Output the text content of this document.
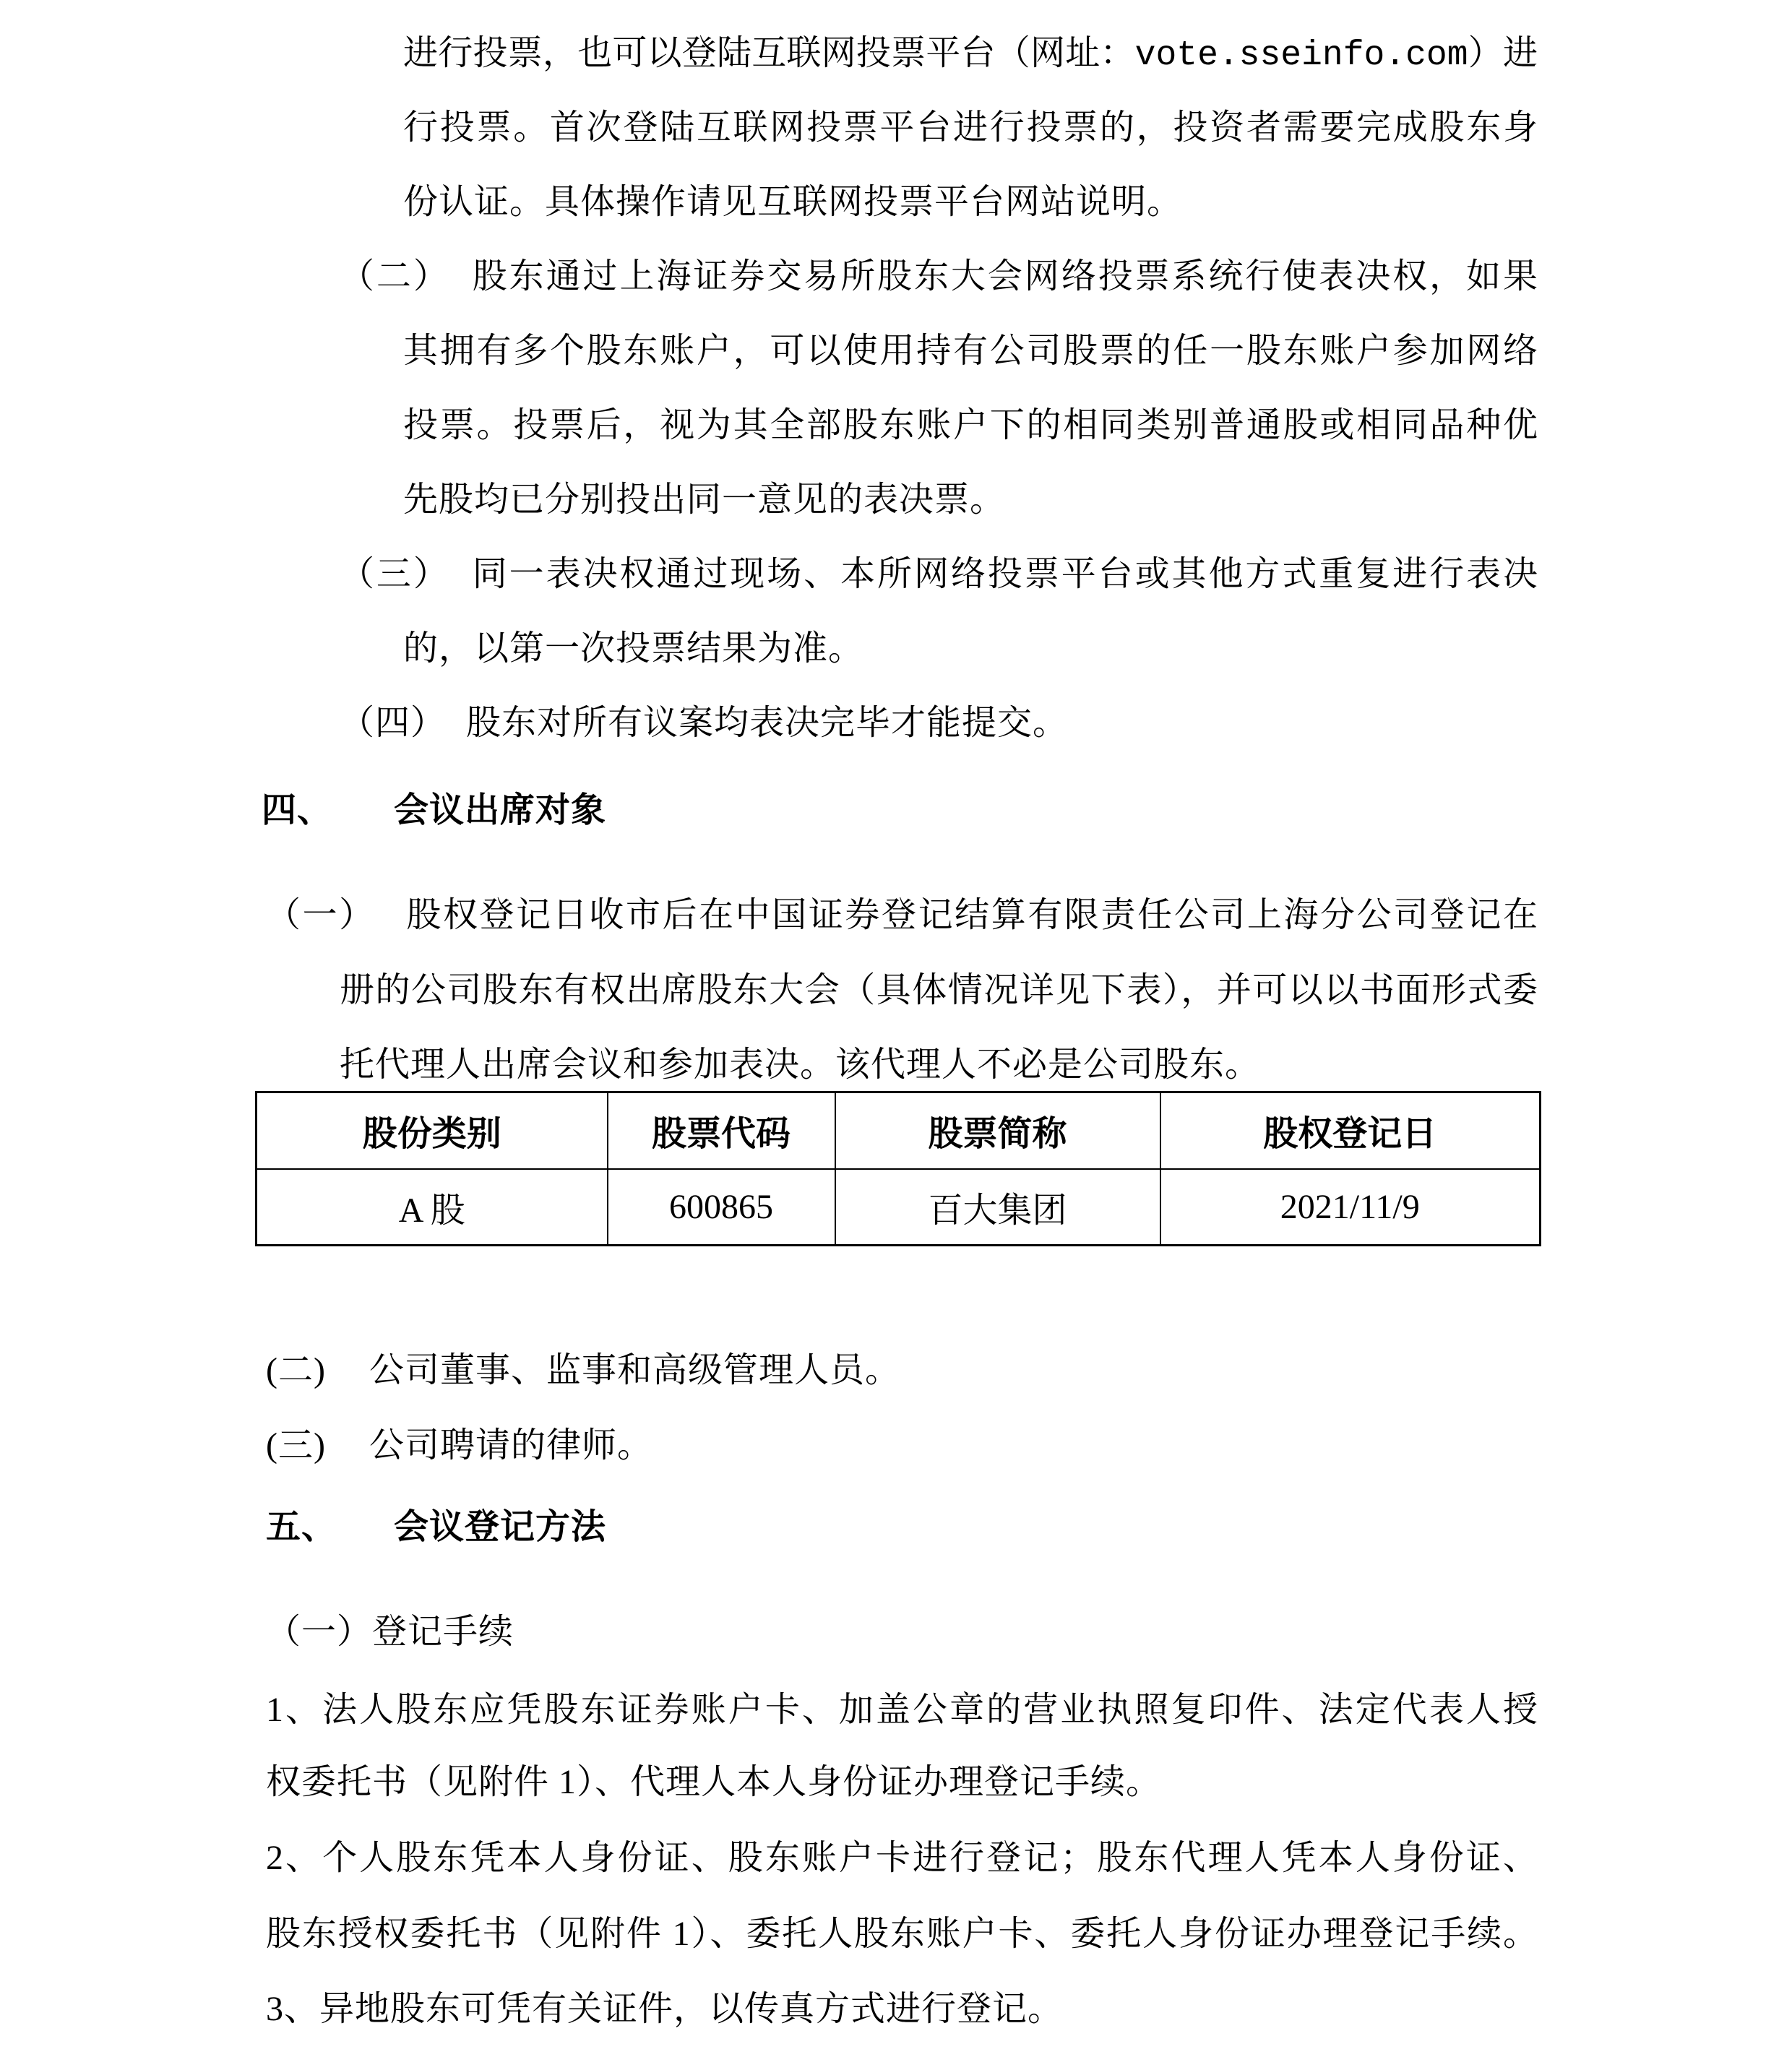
进行投票，也可以登陆互联网投票平台（网址：vote.sseinfo.com）进
行投票。首次登陆互联网投票平台进行投票的，投资者需要完成股东身
份认证。具体操作请见互联网投票平台网站说明。
（二） 股东通过上海证券交易所股东大会网络投票系统行使表决权，如果
其拥有多个股东账户，可以使用持有公司股票的任一股东账户参加网络
投票。投票后，视为其全部股东账户下的相同类别普通股或相同品种优
先股均已分别投出同一意见的表决票。
（三） 同一表决权通过现场、本所网络投票平台或其他方式重复进行表决
的，以第一次投票结果为准。
（四） 股东对所有议案均表决完毕才能提交。
四、 会议出席对象
（一） 股权登记日收市后在中国证券登记结算有限责任公司上海分公司登记在
册的公司股东有权出席股东大会（具体情况详见下表），并可以以书面形式委
托代理人出席会议和参加表决。该代理人不必是公司股东。
股份类别	股票代码	股票简称	股权登记日
A 股	600865	百大集团	2021/11/9
(二) 公司董事、监事和高级管理人员。
(三) 公司聘请的律师。
五、 会议登记方法
（一）登记手续
1、法人股东应凭股东证券账户卡、加盖公章的营业执照复印件、法定代表人授
权委托书（见附件 1）、代理人本人身份证办理登记手续。
2、个人股东凭本人身份证、股东账户卡进行登记；股东代理人凭本人身份证、
股东授权委托书（见附件 1）、委托人股东账户卡、委托人身份证办理登记手续。
3、异地股东可凭有关证件，以传真方式进行登记。
